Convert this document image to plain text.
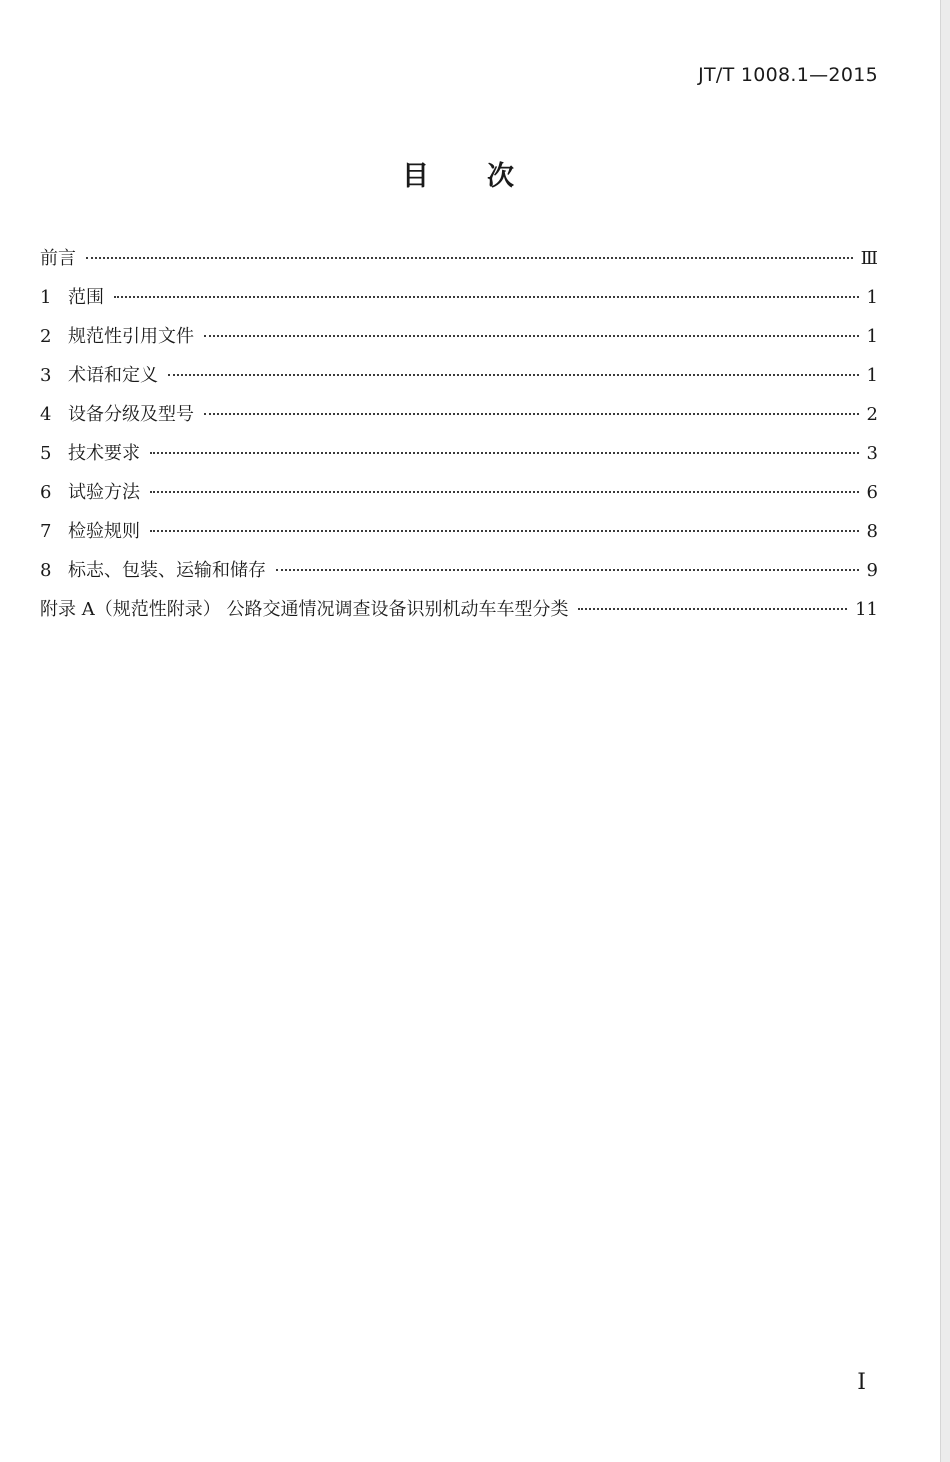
JT/T 1008.1—2015
目次
前言	Ⅲ
1 范围	1
2 规范性引用文件	1
3 术语和定义	1
4 设备分级及型号	2
5 技术要求	3
6 试验方法	6
7 检验规则	8
8 标志、包装、运输和储存	9
附录 A（规范性附录） 公路交通情况调查设备识别机动车车型分类	11
I
